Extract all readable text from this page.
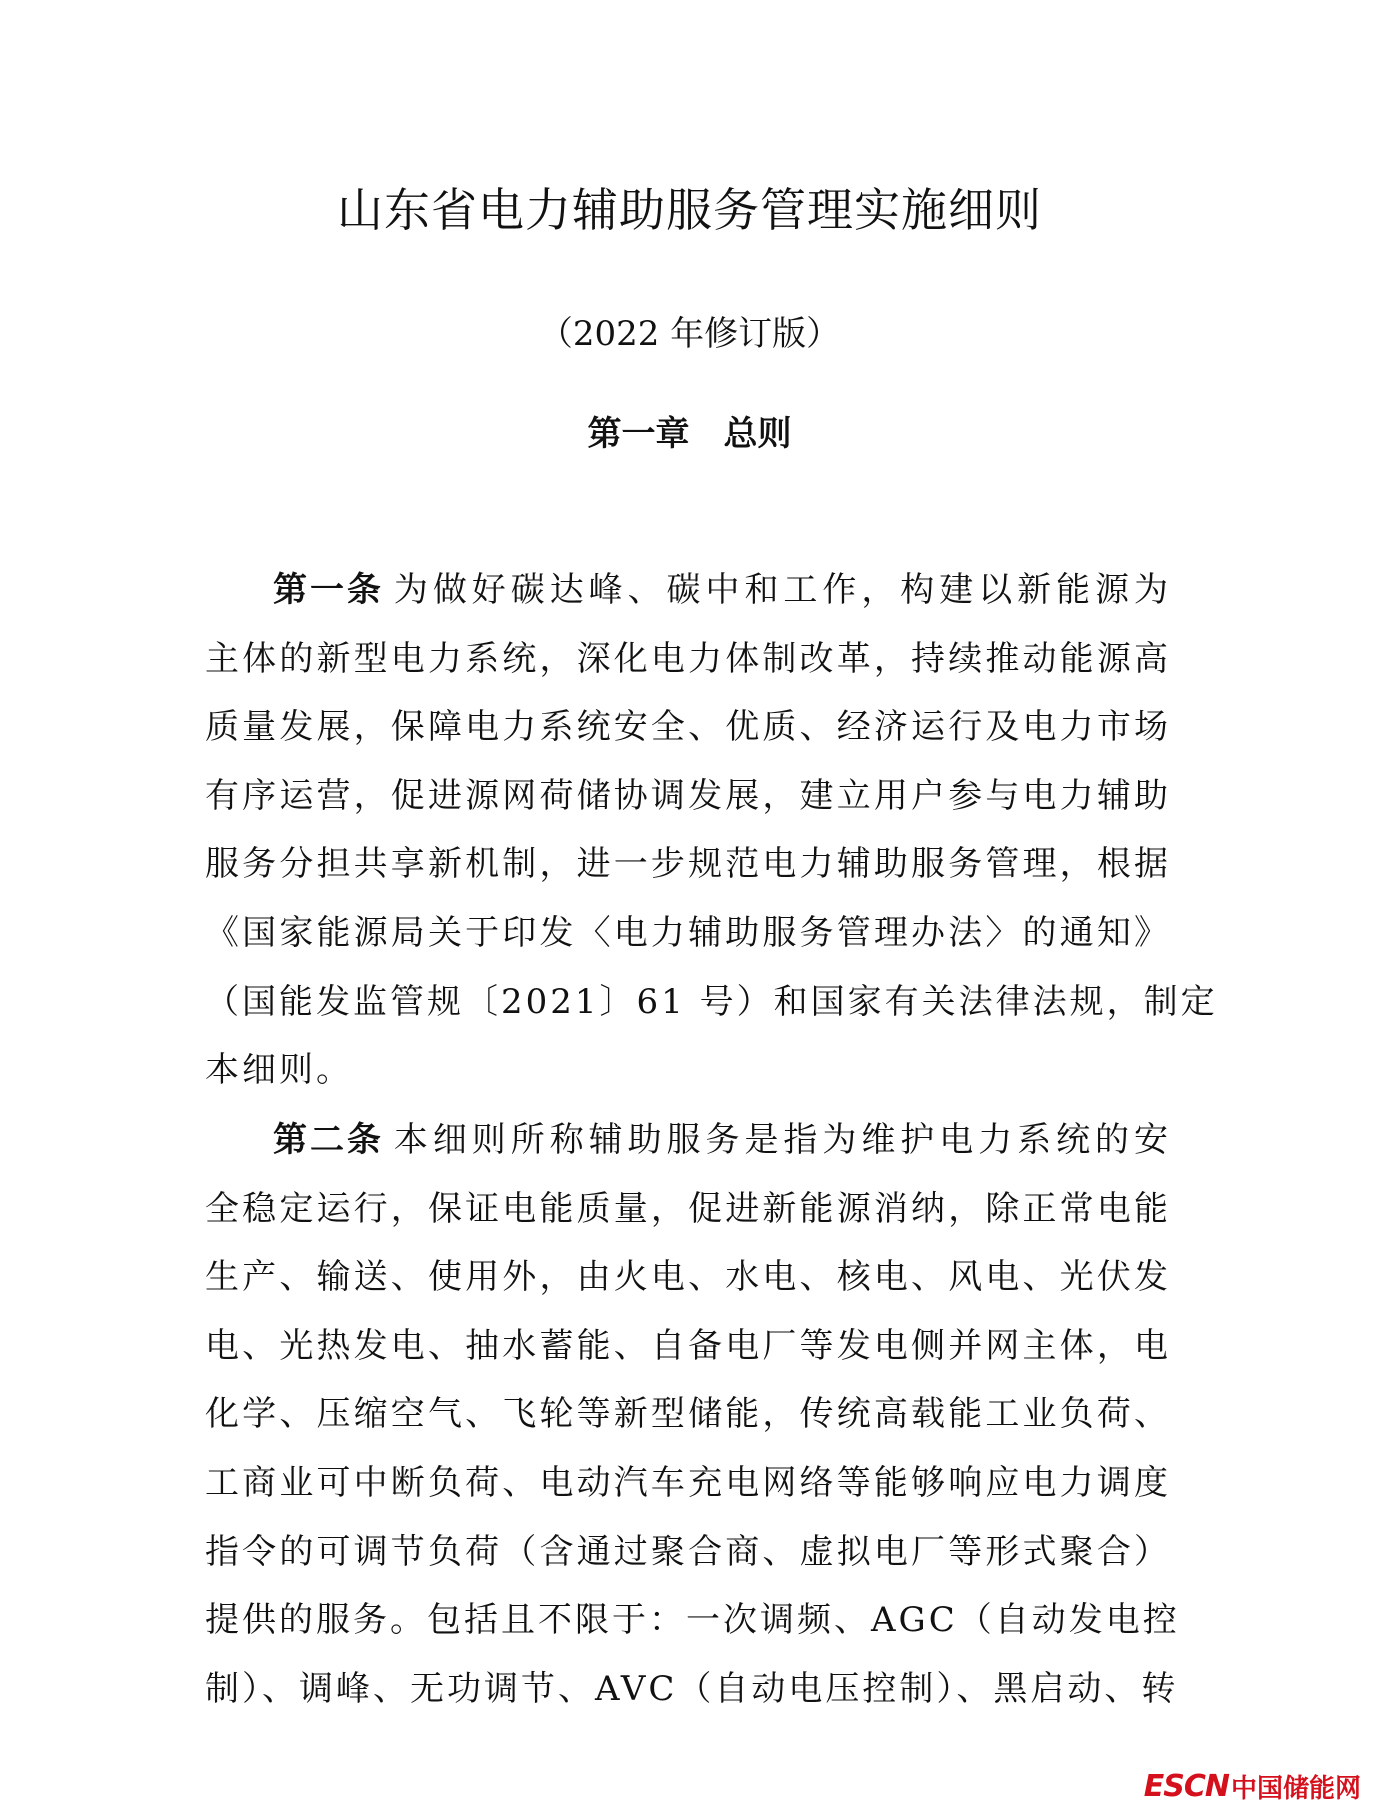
山东省电力辅助服务管理实施细则
（2022 年修订版）
第一章　总则
第一条 为做好碳达峰、碳中和工作，构建以新能源为
主体的新型电力系统，深化电力体制改革，持续推动能源高
质量发展，保障电力系统安全、优质、经济运行及电力市场
有序运营，促进源网荷储协调发展，建立用户参与电力辅助
服务分担共享新机制，进一步规范电力辅助服务管理，根据
《国家能源局关于印发〈电力辅助服务管理办法〉的通知》
（国能发监管规〔2021〕61 号）和国家有关法律法规，制定
本细则。
第二条 本细则所称辅助服务是指为维护电力系统的安
全稳定运行，保证电能质量，促进新能源消纳，除正常电能
生产、输送、使用外，由火电、水电、核电、风电、光伏发
电、光热发电、抽水蓄能、自备电厂等发电侧并网主体，电
化学、压缩空气、飞轮等新型储能，传统高载能工业负荷、
工商业可中断负荷、电动汽车充电网络等能够响应电力调度
指令的可调节负荷（含通过聚合商、虚拟电厂等形式聚合）
提供的服务。包括且不限于：一次调频、AGC（自动发电控
制）、调峰、无功调节、AVC（自动电压控制）、黑启动、转
ESCN 中国储能网
